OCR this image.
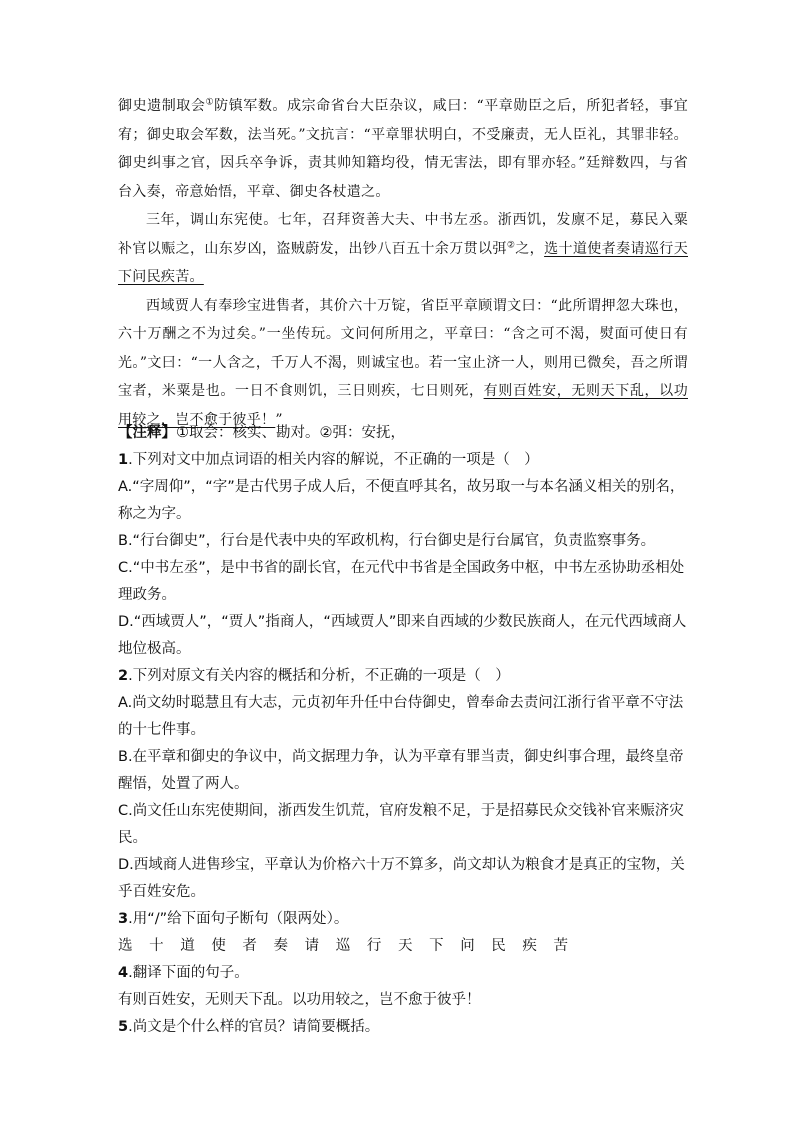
御史遗制取会①防镇军数。成宗命省台大臣杂议，咸曰：“平章勋臣之后，所犯者轻，事宜宥；御史取会军数，法当死。”文抗言：“平章罪状明白，不受廉责，无人臣礼，其罪非轻。御史纠事之官，因兵卒争诉，责其帅知籍均役，情无害法，即有罪亦轻。”廷辩数四，与省台入奏，帝意始悟，平章、御史各杖遣之。

三年，调山东宪使。七年，召拜资善大夫、中书左丞。浙西饥，发廪不足，募民入粟补官以赈之，山东岁凶，盗贼蔚发，出钞八百五十余万贯以弭②之，选十道使者奏请巡行天下问民疾苦。

西域贾人有奉珍宝进售者，其价六十万锭，省臣平章顾谓文曰：“此所谓押忽大珠也，六十万酬之不为过矣。”一坐传玩。文问何所用之，平章曰：“含之可不渴，熨面可使日有光。”文曰：“一人含之，千万人不渴，则诚宝也。若一宝止济一人，则用已微矣，吾之所谓宝者，米粟是也。一日不食则饥，三日则疾，七日则死，有则百姓安，无则天下乱，以功用较之，岂不愈于彼乎！”

【注释】①取会：核实、勘对。②弭：安抚，

1.下列对文中加点词语的相关内容的解说，不正确的一项是（　）

A.“字周仰”，“字”是古代男子成人后，不便直呼其名，故另取一与本名涵义相关的别名，称之为字。

B.“行台御史”，行台是代表中央的军政机构，行台御史是行台属官，负责监察事务。

C.“中书左丞”，是中书省的副长官，在元代中书省是全国政务中枢，中书左丞协助丞相处理政务。

D.“西域贾人”，“贾人”指商人，“西域贾人”即来自西域的少数民族商人，在元代西域商人地位极高。

2.下列对原文有关内容的概括和分析，不正确的一项是（　）

A.尚文幼时聪慧且有大志，元贞初年升任中台侍御史，曾奉命去责问江浙行省平章不守法的十七件事。

B.在平章和御史的争议中，尚文据理力争，认为平章有罪当责，御史纠事合理，最终皇帝醒悟，处置了两人。

C.尚文任山东宪使期间，浙西发生饥荒，官府发粮不足，于是招募民众交钱补官来赈济灾民。

D.西域商人进售珍宝，平章认为价格六十万不算多，尚文却认为粮食才是真正的宝物，关乎百姓安危。

3.用“/”给下面句子断句（限两处）。

选 十 道 使 者 奏 请 巡 行 天 下 问 民 疾 苦

4.翻译下面的句子。

有则百姓安，无则天下乱。以功用较之，岂不愈于彼乎！

5.尚文是个什么样的官员？请简要概括。
